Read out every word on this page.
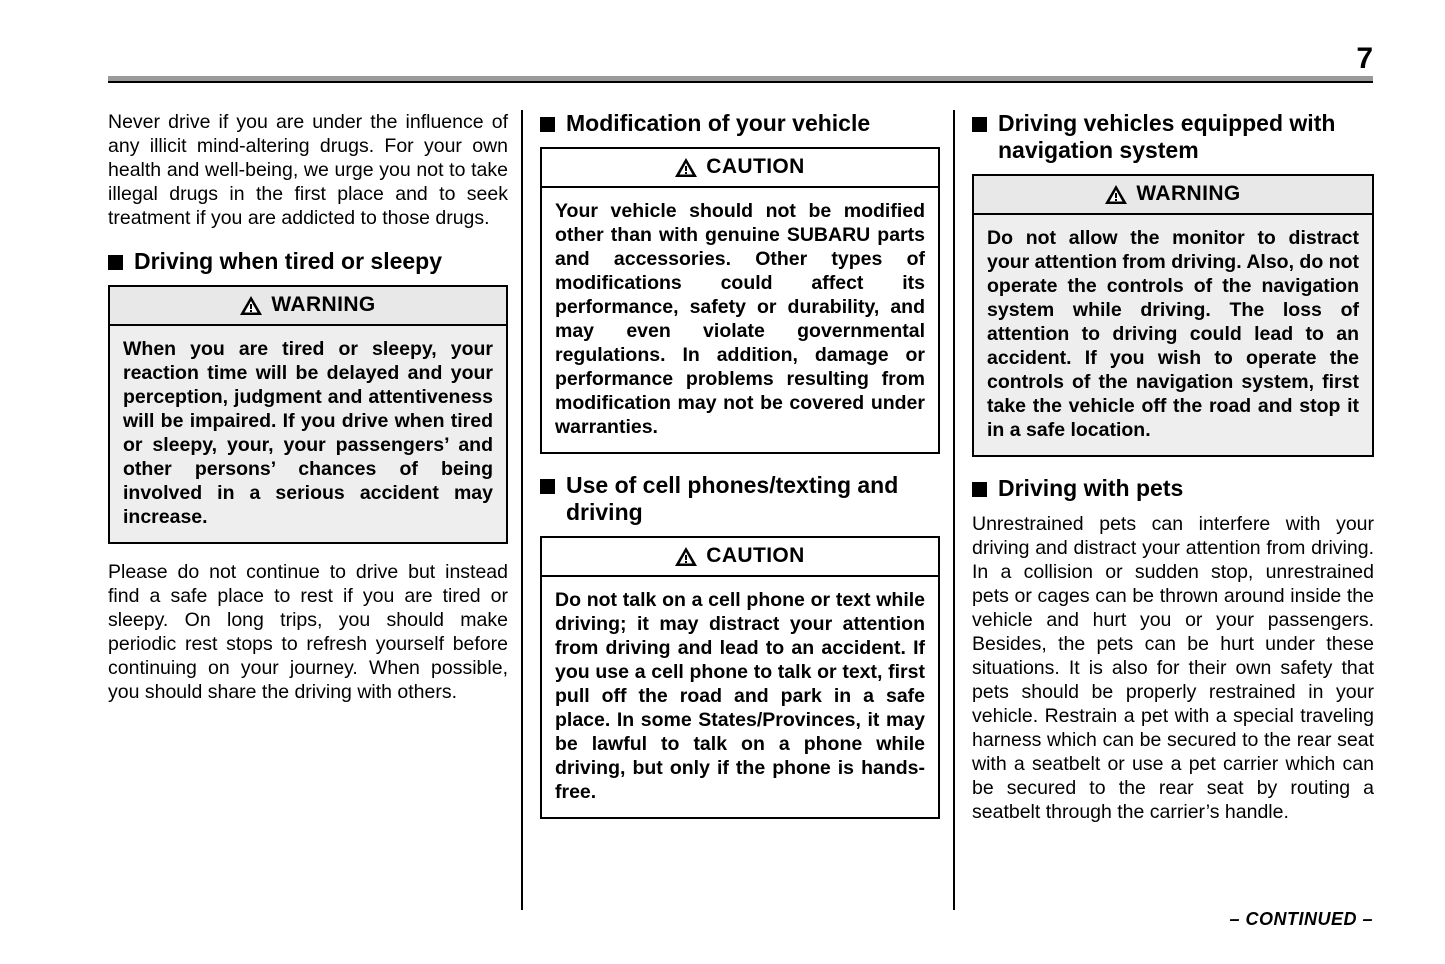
7

Never drive if you are under the influence of any illicit mind-altering drugs. For your own health and well-being, we urge you not to take illegal drugs in the first place and to seek treatment if you are addicted to those drugs.

Driving when tired or sleepy
WARNING
When you are tired or sleepy, your reaction time will be delayed and your perception, judgment and attentiveness will be impaired. If you drive when tired or sleepy, your, your passengers’ and other persons’ chances of being involved in a serious accident may increase.

Please do not continue to drive but instead find a safe place to rest if you are tired or sleepy. On long trips, you should make periodic rest stops to refresh yourself before continuing on your journey. When possible, you should share the driving with others.

Modification of your vehicle
CAUTION
Your vehicle should not be modified other than with genuine SUBARU parts and accessories. Other types of modifications could affect its performance, safety or durability, and may even violate governmental regulations. In addition, damage or performance problems resulting from modification may not be covered under warranties.
Use of cell phones/texting and driving
CAUTION
Do not talk on a cell phone or text while driving; it may distract your attention from driving and lead to an accident. If you use a cell phone to talk or text, first pull off the road and park in a safe place. In some States/Provinces, it may be lawful to talk on a phone while driving, but only if the phone is hands-free.
Driving vehicles equipped with navigation system
WARNING
Do not allow the monitor to distract your attention from driving. Also, do not operate the controls of the navigation system while driving. The loss of attention to driving could lead to an accident. If you wish to operate the controls of the navigation system, first take the vehicle off the road and stop it in a safe location.
Driving with pets

Unrestrained pets can interfere with your driving and distract your attention from driving. In a collision or sudden stop, unrestrained pets or cages can be thrown around inside the vehicle and hurt you or your passengers. Besides, the pets can be hurt under these situations. It is also for their own safety that pets should be properly restrained in your vehicle. Restrain a pet with a special traveling harness which can be secured to the rear seat with a seatbelt or use a pet carrier which can be secured to the rear seat by routing a seatbelt through the carrier’s handle.

– CONTINUED –
